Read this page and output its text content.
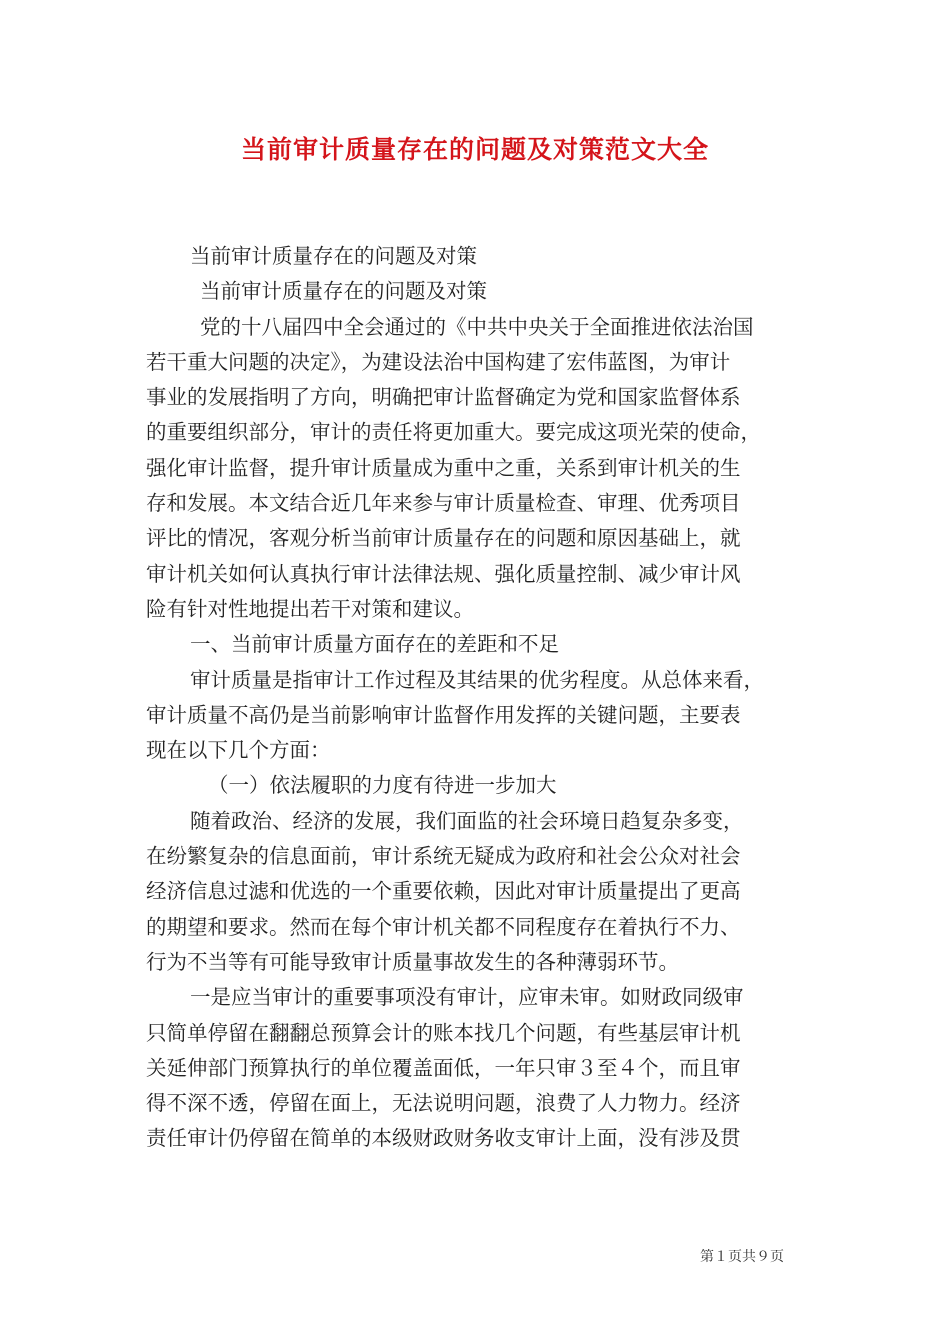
当前审计质量存在的问题及对策范文大全
当前审计质量存在的问题及对策
当前审计质量存在的问题及对策
党的十八届四中全会通过的《中共中央关于全面推进依法治国
若干重大问题的决定》，为建设法治中国构建了宏伟蓝图，为审计
事业的发展指明了方向，明确把审计监督确定为党和国家监督体系
的重要组织部分，审计的责任将更加重大。要完成这项光荣的使命，
强化审计监督，提升审计质量成为重中之重，关系到审计机关的生
存和发展。本文结合近几年来参与审计质量检查、审理、优秀项目
评比的情况，客观分析当前审计质量存在的问题和原因基础上，就
审计机关如何认真执行审计法律法规、强化质量控制、减少审计风
险有针对性地提出若干对策和建议。
一、当前审计质量方面存在的差距和不足
审计质量是指审计工作过程及其结果的优劣程度。从总体来看，
审计质量不高仍是当前影响审计监督作用发挥的关键问题，主要表
现在以下几个方面：
（一）依法履职的力度有待进一步加大
随着政治、经济的发展，我们面监的社会环境日趋复杂多变，
在纷繁复杂的信息面前，审计系统无疑成为政府和社会公众对社会
经济信息过滤和优选的一个重要依赖，因此对审计质量提出了更高
的期望和要求。然而在每个审计机关都不同程度存在着执行不力、
行为不当等有可能导致审计质量事故发生的各种薄弱环节。
一是应当审计的重要事项没有审计，应审未审。如财政同级审
只简单停留在翻翻总预算会计的账本找几个问题，有些基层审计机
关延伸部门预算执行的单位覆盖面低，一年只审３至４个，而且审
得不深不透，停留在面上，无法说明问题，浪费了人力物力。经济
责任审计仍停留在简单的本级财政财务收支审计上面，没有涉及贯
第１页共９页
